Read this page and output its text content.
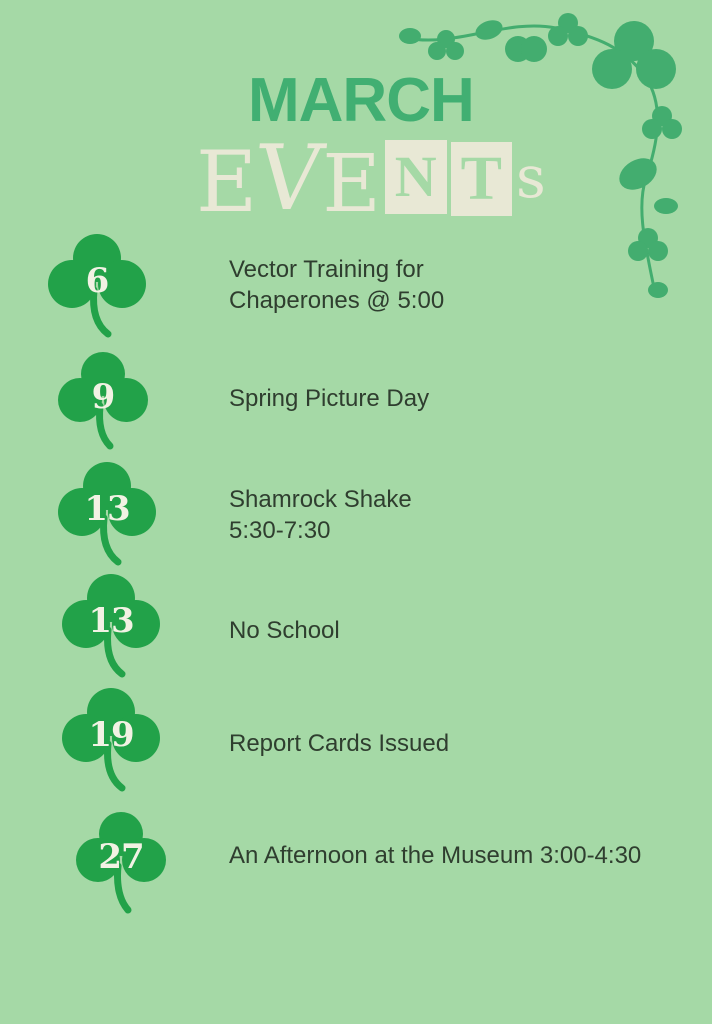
MARCH
E
V
E N T s
6	Vector Training for
Chaperones @ 5:00
9	Spring Picture Day
13	Shamrock Shake
5:30-7:30
13	No School
19	Report Cards Issued
27	An Afternoon at the Museum 3:00-4:30
